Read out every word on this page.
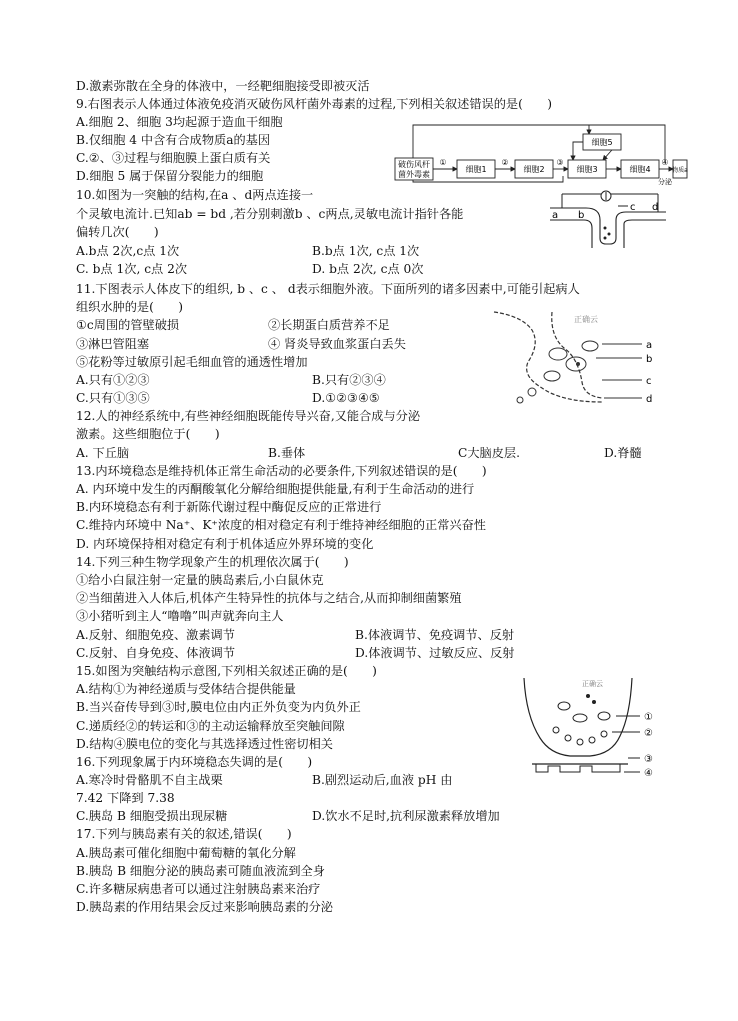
D.激素弥散在全身的体液中，一经靶细胞接受即被灭活
9.右图表示人体通过体液免疫消灭破伤风杆菌外毒素的过程,下列相关叙述错误的是(　　)
A.细胞 2、细胞 3均起源于造血干细胞
B.仅细胞 4 中含有合成物质a的基因
C.②、③过程与细胞膜上蛋白质有关
D.细胞 5 属于保留分裂能力的细胞
10.如图为一突触的结构,在a 、d两点连接一
个灵敏电流计.已知ab = bd ,若分别刺激b 、c两点,灵敏电流计指针各能
偏转几次(　　)
A.b点 2次,c点 1次	B.b点 1次, c点 1次
C. b点 1次, c点 2次	D. b点 2次, c点 0次
11.下图表示人体皮下的组织, b 、c 、 d表示细胞外液。下面所列的诸多因素中,可能引起病人
组织水肿的是(　　)
①c周围的管壁破损	②长期蛋白质营养不足
③淋巴管阻塞	④ 肾炎导致血浆蛋白丢失
⑤花粉等过敏原引起毛细血管的通透性增加
A.只有①②③	B.只有②③④
C.只有①③⑤	D.①②③④⑤
12.人的神经系统中,有些神经细胞既能传导兴奋,又能合成与分泌
激素。这些细胞位于(　　)
A. 下丘脑	B.垂体	C大脑皮层.	D.脊髓
13.内环境稳态是维持机体正常生命活动的必要条件,下列叙述错误的是(　　)
A. 内环境中发生的丙酮酸氧化分解给细胞提供能量,有利于生命活动的进行
B.内环境稳态有利于新陈代谢过程中酶促反应的正常进行
C.维持内环境中 Na⁺、K⁺浓度的相对稳定有利于维持神经细胞的正常兴奋性
D. 内环境保持相对稳定有利于机体适应外界环境的变化
14.下列三种生物学现象产生的机理依次属于(　　)
①给小白鼠注射一定量的胰岛素后,小白鼠休克
②当细菌进入人体后,机体产生特异性的抗体与之结合,从而抑制细菌繁殖
③小猪听到主人“噜噜”叫声就奔向主人
A.反射、细胞免疫、激素调节	B.体液调节、免疫调节、反射
C.反射、自身免疫、体液调节	D.体液调节、过敏反应、反射
15.如图为突触结构示意图,下列相关叙述正确的是(　　)
A.结构①为神经递质与受体结合提供能量
B.当兴奋传导到③时,膜电位由内正外负变为内负外正
C.递质经②的转运和③的主动运输释放至突触间隙
D.结构④膜电位的变化与其选择透过性密切相关
16.下列现象属于内环境稳态失调的是(　　)
A.寒冷时骨骼肌不自主战栗	B.剧烈运动后,血液 pH 由
7.42 下降到 7.38
C.胰岛 B 细胞受损出现尿糖	D.饮水不足时,抗利尿激素释放增加
17.下列与胰岛素有关的叙述,错误(　　)
A.胰岛素可催化细胞中葡萄糖的氧化分解
B.胰岛 B 细胞分泌的胰岛素可随血液流到全身
C.许多糖尿病患者可以通过注射胰岛素来治疗
D.胰岛素的作用结果会反过来影响胰岛素的分泌
破伤风杆
菌外毒素
①
细胞1
②
细胞2
③
细胞3
细胞5
细胞4
④
分泌
物质a
a b
c d
正确云
a
b
c
d
正确云
①
②
③
④
